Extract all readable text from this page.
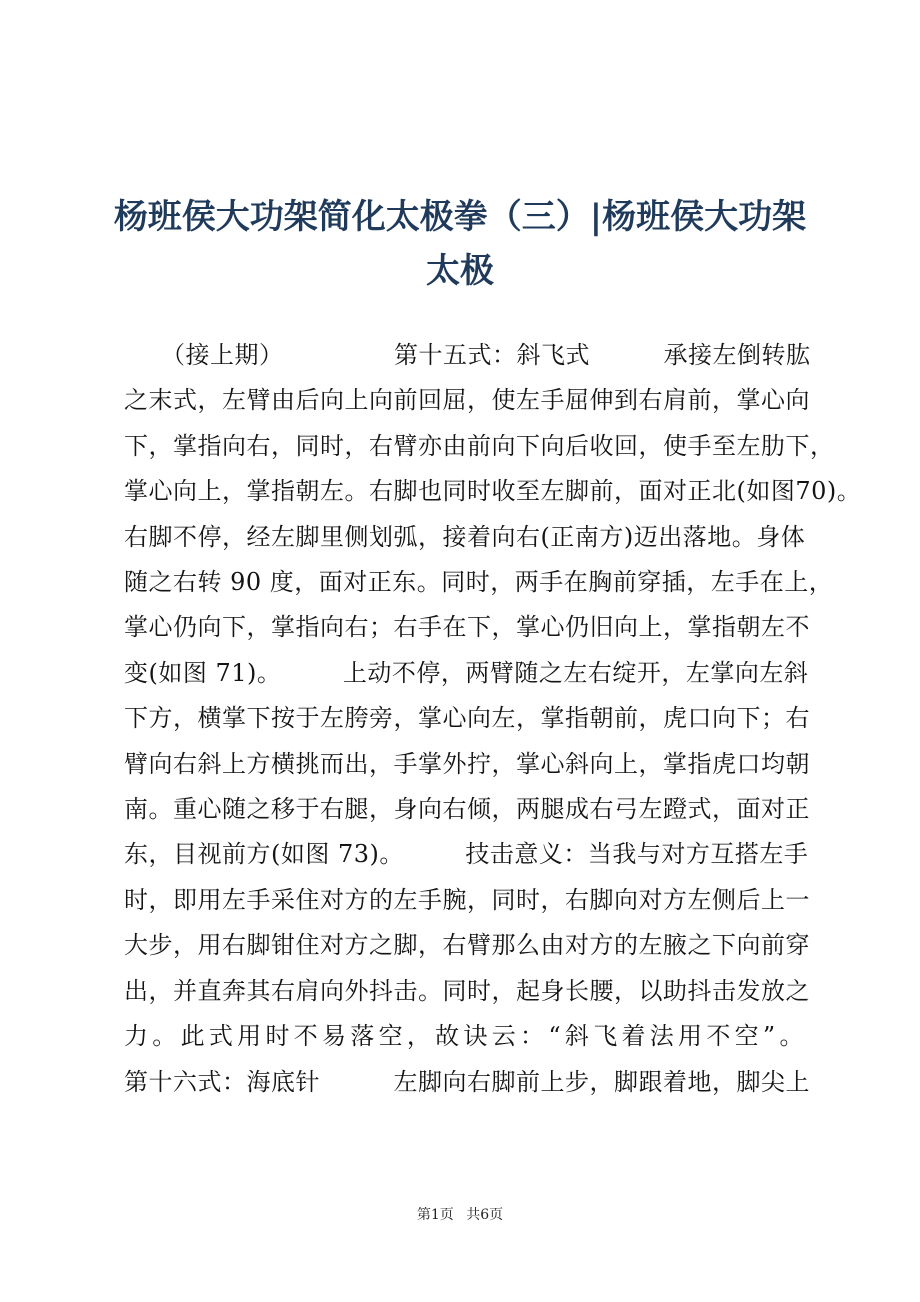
杨班侯大功架简化太极拳（三）|杨班侯大功架
太极
　　（接上期）　　　　　第十五式：斜飞式　　　承接左倒转肱
之末式，左臂由后向上向前回屈，使左手屈伸到右肩前，掌心向
下，掌指向右，同时，右臂亦由前向下向后收回，使手至左肋下，
掌心向上，掌指朝左。右脚也同时收至左脚前，面对正北(如图70)。
右脚不停，经左脚里侧划弧，接着向右(正南方)迈出落地。身体
随之右转 90 度，面对正东。同时，两手在胸前穿插，左手在上，
掌心仍向下，掌指向右；右手在下，掌心仍旧向上，掌指朝左不
变(如图 71)。　　　上动不停，两臂随之左右绽开，左掌向左斜
下方，横掌下按于左胯旁，掌心向左，掌指朝前，虎口向下；右
臂向右斜上方横挑而出，手掌外拧，掌心斜向上，掌指虎口均朝
南。重心随之移于右腿，身向右倾，两腿成右弓左蹬式，面对正
东，目视前方(如图 73)。　　　技击意义：当我与对方互搭左手
时，即用左手采住对方的左手腕，同时，右脚向对方左侧后上一
大步，用右脚钳住对方之脚，右臂那么由对方的左腋之下向前穿
出，并直奔其右肩向外抖击。同时，起身长腰，以助抖击发放之
力。此式用时不易落空，故诀云：“斜飞着法用不空”。
第十六式：海底针　　　左脚向右脚前上步，脚跟着地，脚尖上
第1页 共6页
